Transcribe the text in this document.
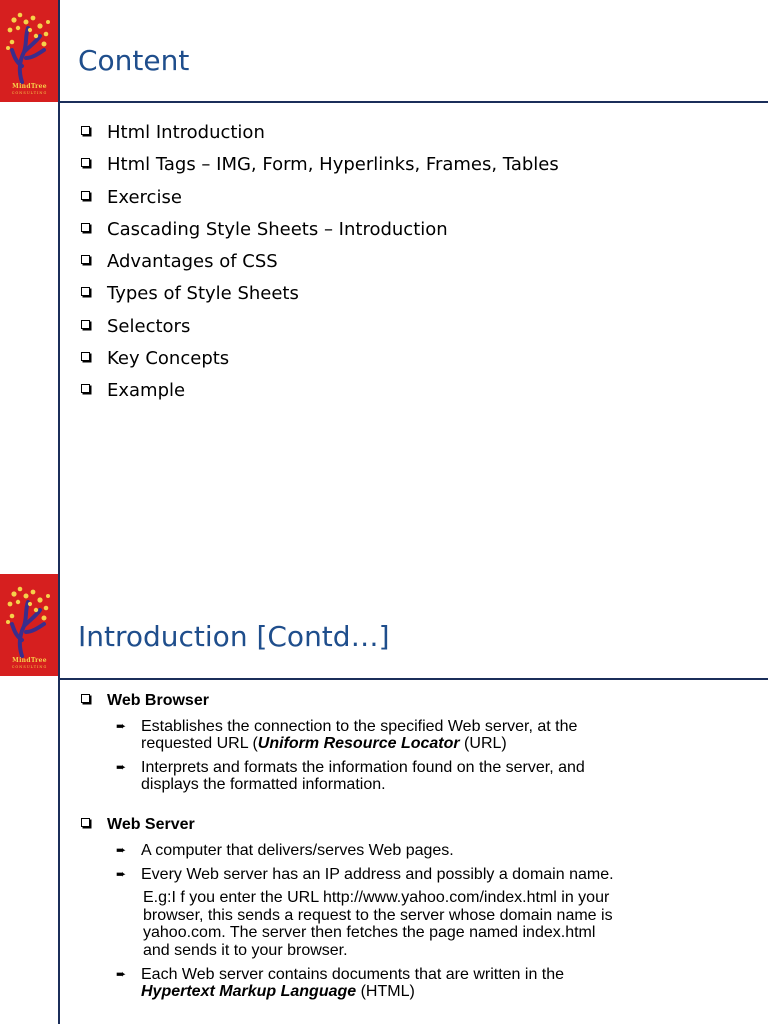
MindTree
CONSULTING
Content
Html Introduction
Html Tags – IMG, Form, Hyperlinks, Frames, Tables
Exercise
Cascading Style Sheets – Introduction
Advantages of CSS
Types of Style Sheets
Selectors
Key Concepts
Example
MindTree
CONSULTING
Introduction [Contd…]
Web Browser
➨ Establishes the connection to the specified Web server, at the
requested URL (Uniform Resource Locator (URL)
➨ Interprets and formats the information found on the server, and
displays the formatted information.
Web Server
➨ A computer that delivers/serves Web pages.
➨ Every Web server has an IP address and possibly a domain name.
E.g:I f you enter the URL http://www.yahoo.com/index.html in your
browser, this sends a request to the server whose domain name is
yahoo.com. The server then fetches the page named index.html
and sends it to your browser.
➨ Each Web server contains documents that are written in the
Hypertext Markup Language (HTML)
